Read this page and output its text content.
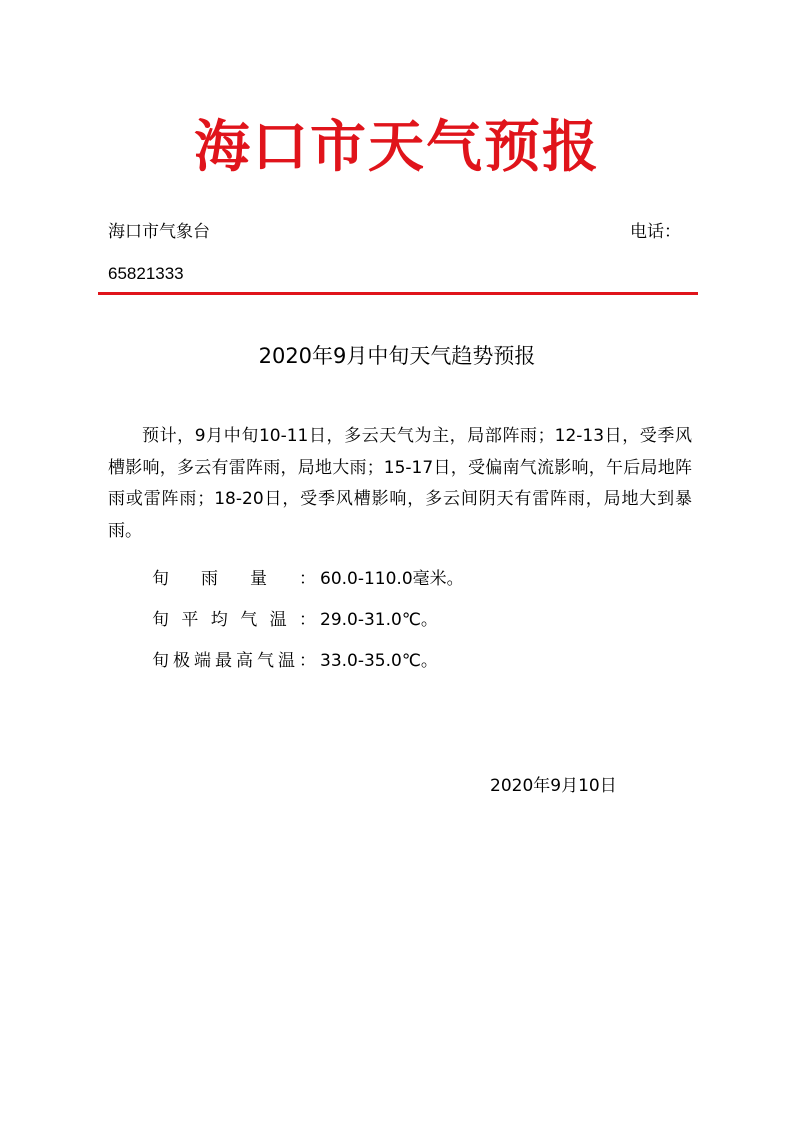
海口市天气预报
海口市气象台	电话：
65821333
2020年9月中旬天气趋势预报

预计，9月中旬10-11日，多云天气为主，局部阵雨；12-13日，受季风槽影响，多云有雷阵雨，局地大雨；15-17日，受偏南气流影响，午后局地阵雨或雷阵雨；18-20日，受季风槽影响，多云间阴天有雷阵雨，局地大到暴雨。

旬雨量： 60.0-110.0毫米。
旬平均气温： 29.0-31.0℃。
旬极端最高气温： 33.0-35.0℃。
2020年9月10日
